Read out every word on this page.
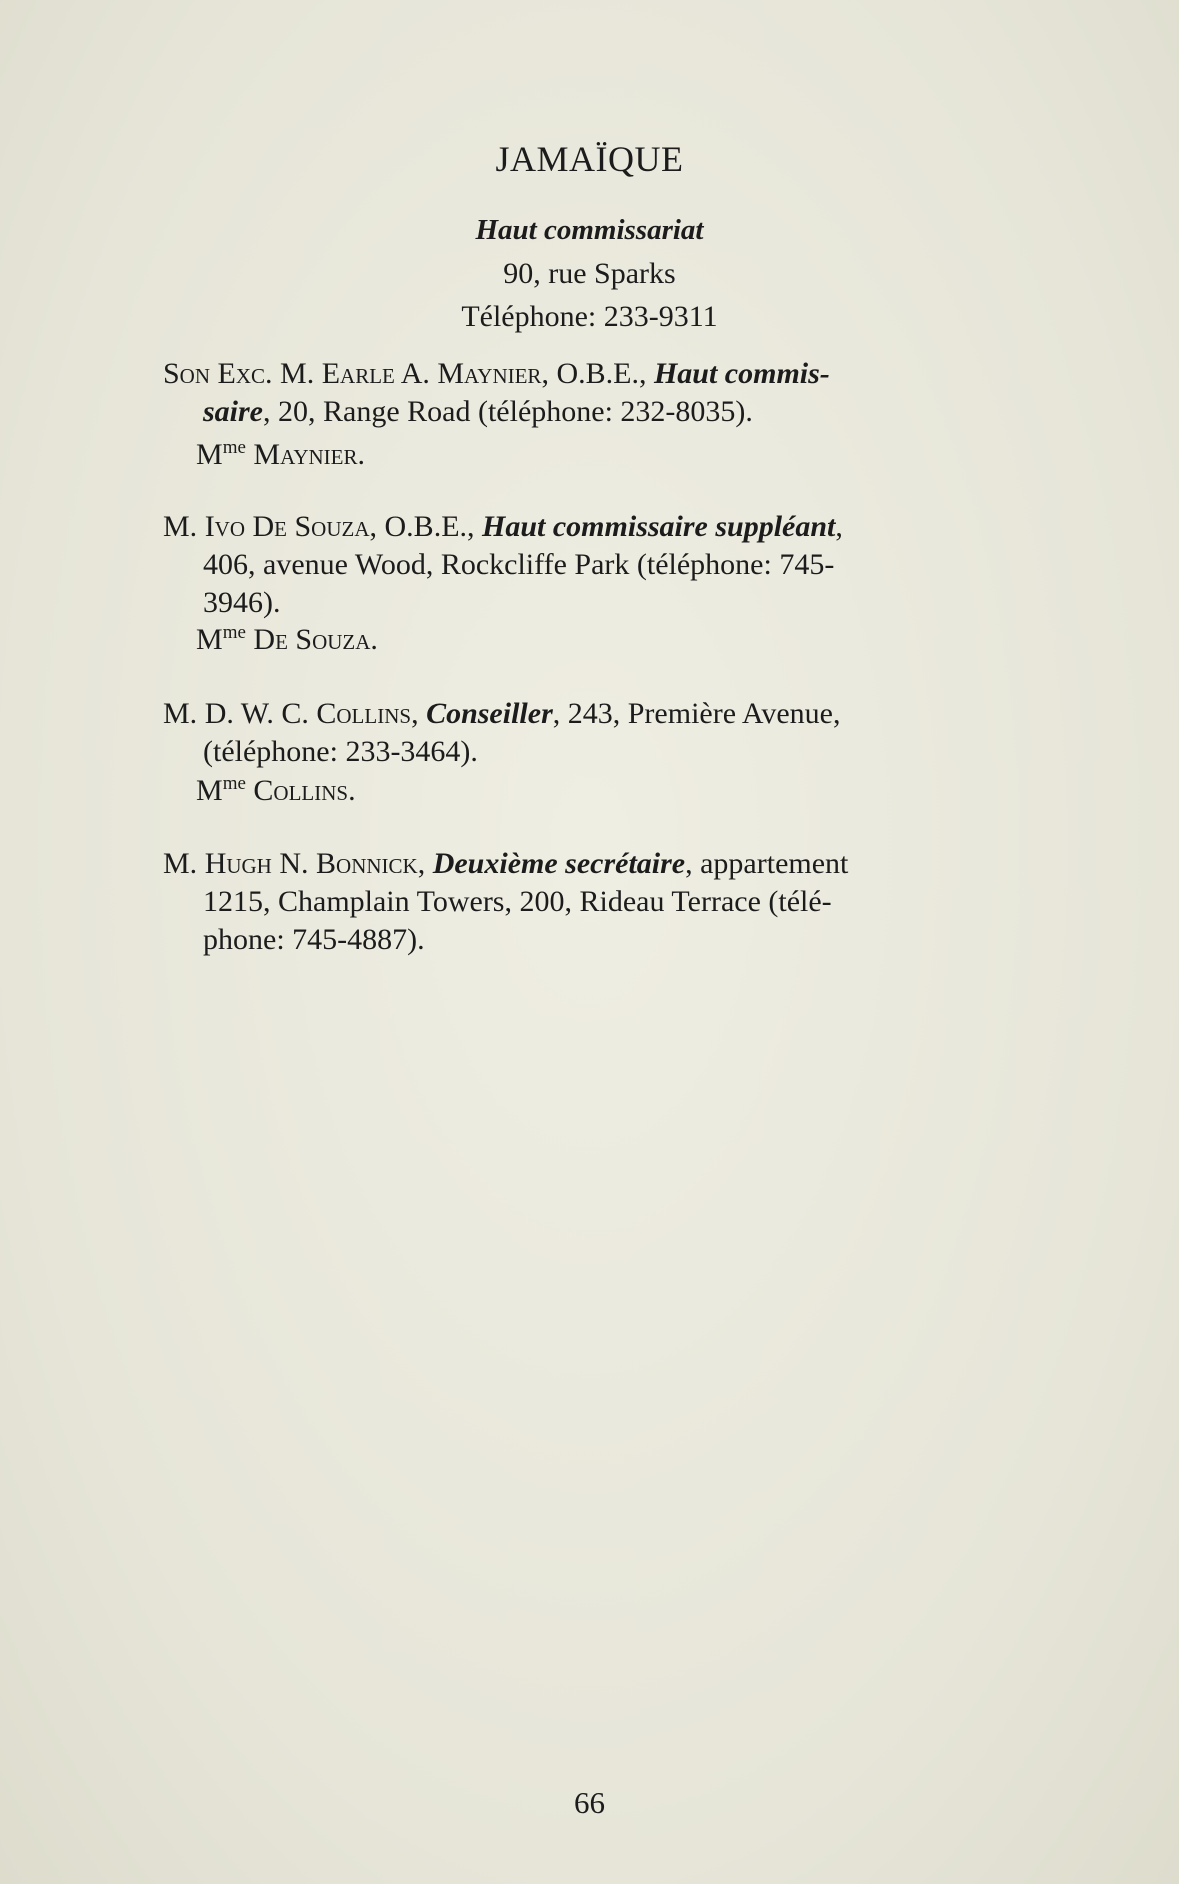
JAMAÏQUE
Haut commissariat
90, rue Sparks
Téléphone: 233-9311
Son Exc. M. Earle A. Maynier, O.B.E., Haut commis-
saire, 20, Range Road (téléphone: 232-8035).
$M^{me}$ Maynier.
M. Ivo De Souza, O.B.E., Haut commissaire suppléant,
406, avenue Wood, Rockcliffe Park (téléphone: 745-
3946).
$M^{me}$ De Souza.
M. D. W. C. Collins, Conseiller, 243, Première Avenue,
(téléphone: 233-3464).
$M^{me}$ Collins.
M. Hugh N. Bonnick, Deuxième secrétaire, appartement
1215, Champlain Towers, 200, Rideau Terrace (télé-
phone: 745-4887).
66
